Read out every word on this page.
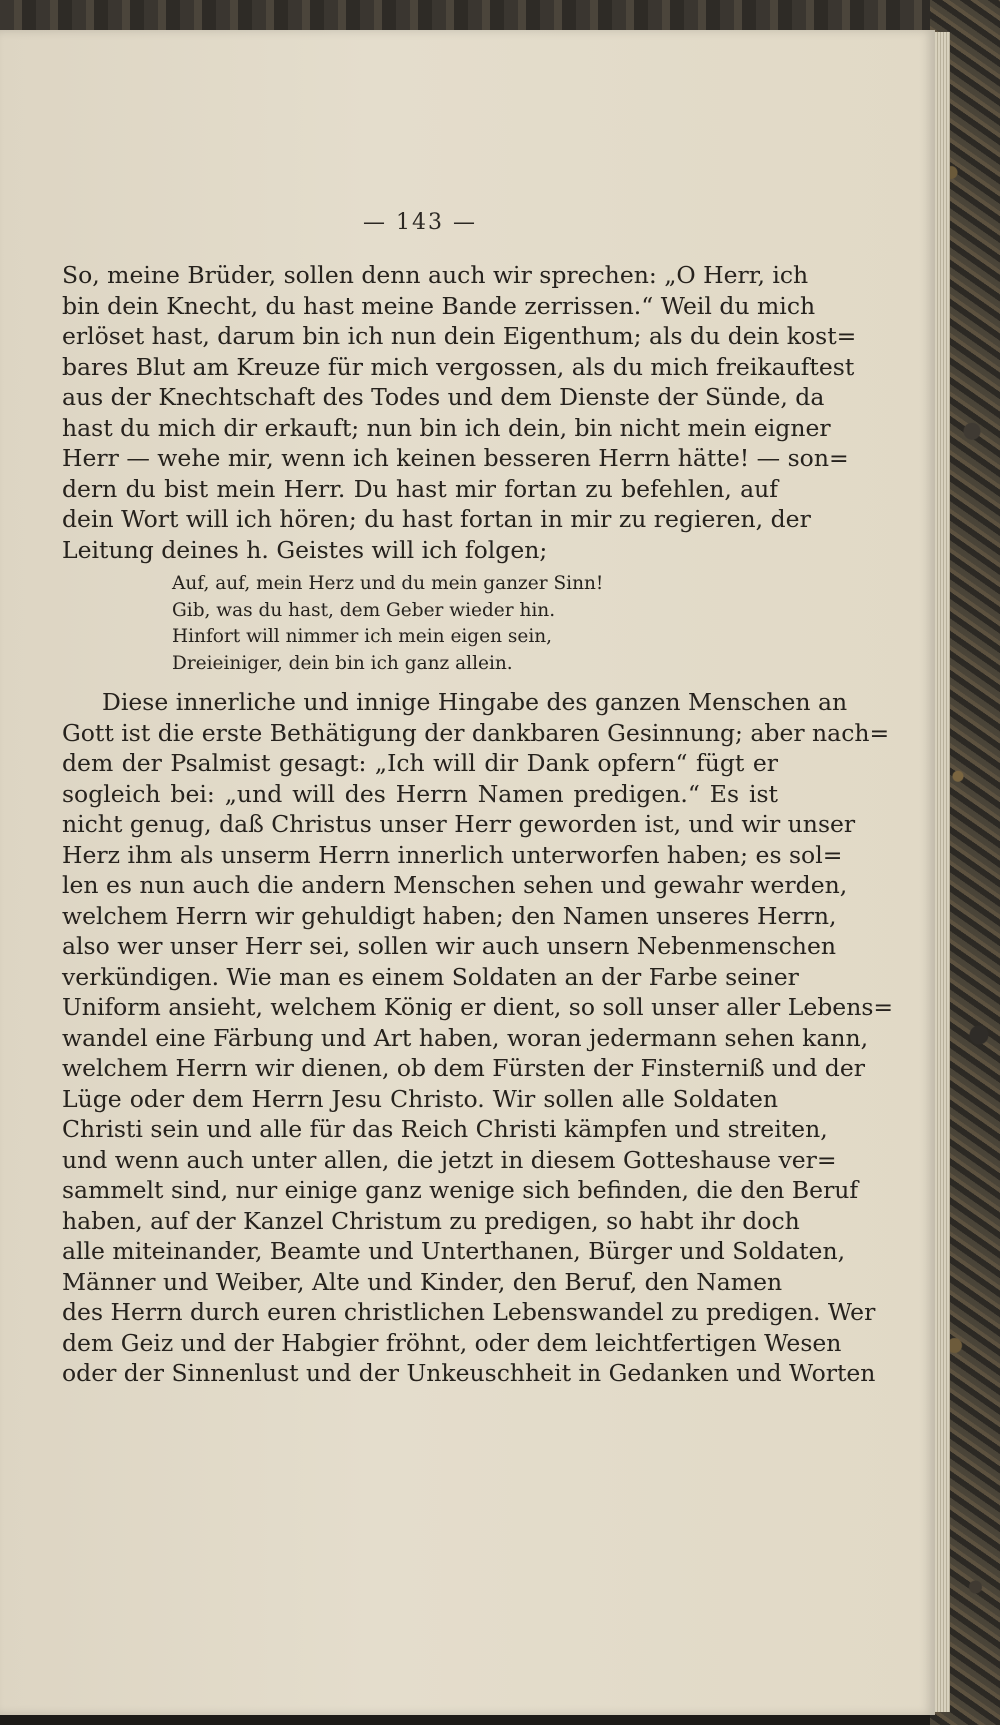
— 143 —
So, meine Brüder, sollen denn auch wir sprechen: „O Herr, ich
bin dein Knecht, du hast meine Bande zerrissen.“ Weil du mich
erlöset hast, darum bin ich nun dein Eigenthum; als du dein kost=
bares Blut am Kreuze für mich vergossen, als du mich freikauftest
aus der Knechtschaft des Todes und dem Dienste der Sünde, da
hast du mich dir erkauft; nun bin ich dein, bin nicht mein eigner
Herr — wehe mir, wenn ich keinen besseren Herrn hätte! — son=
dern du bist mein Herr. Du hast mir fortan zu befehlen, auf
dein Wort will ich hören; du hast fortan in mir zu regieren, der
Leitung deines h. Geistes will ich folgen;
Auf, auf, mein Herz und du mein ganzer Sinn!
Gib, was du hast, dem Geber wieder hin.
Hinfort will nimmer ich mein eigen sein,
Dreieiniger, dein bin ich ganz allein.
Diese innerliche und innige Hingabe des ganzen Menschen an
Gott ist die erste Bethätigung der dankbaren Gesinnung; aber nach=
dem der Psalmist gesagt: „Ich will dir Dank opfern“ fügt er
sogleich bei: „und will des Herrn Namen predigen.“ Es ist
nicht genug, daß Christus unser Herr geworden ist, und wir unser
Herz ihm als unserm Herrn innerlich unterworfen haben; es sol=
len es nun auch die andern Menschen sehen und gewahr werden,
welchem Herrn wir gehuldigt haben; den Namen unseres Herrn,
also wer unser Herr sei, sollen wir auch unsern Nebenmenschen
verkündigen. Wie man es einem Soldaten an der Farbe seiner
Uniform ansieht, welchem König er dient, so soll unser aller Lebens=
wandel eine Färbung und Art haben, woran jedermann sehen kann,
welchem Herrn wir dienen, ob dem Fürsten der Finsterniß und der
Lüge oder dem Herrn Jesu Christo. Wir sollen alle Soldaten
Christi sein und alle für das Reich Christi kämpfen und streiten,
und wenn auch unter allen, die jetzt in diesem Gotteshause ver=
sammelt sind, nur einige ganz wenige sich befinden, die den Beruf
haben, auf der Kanzel Christum zu predigen, so habt ihr doch
alle miteinander, Beamte und Unterthanen, Bürger und Soldaten,
Männer und Weiber, Alte und Kinder, den Beruf, den Namen
des Herrn durch euren christlichen Lebenswandel zu predigen. Wer
dem Geiz und der Habgier fröhnt, oder dem leichtfertigen Wesen
oder der Sinnenlust und der Unkeuschheit in Gedanken und Worten
